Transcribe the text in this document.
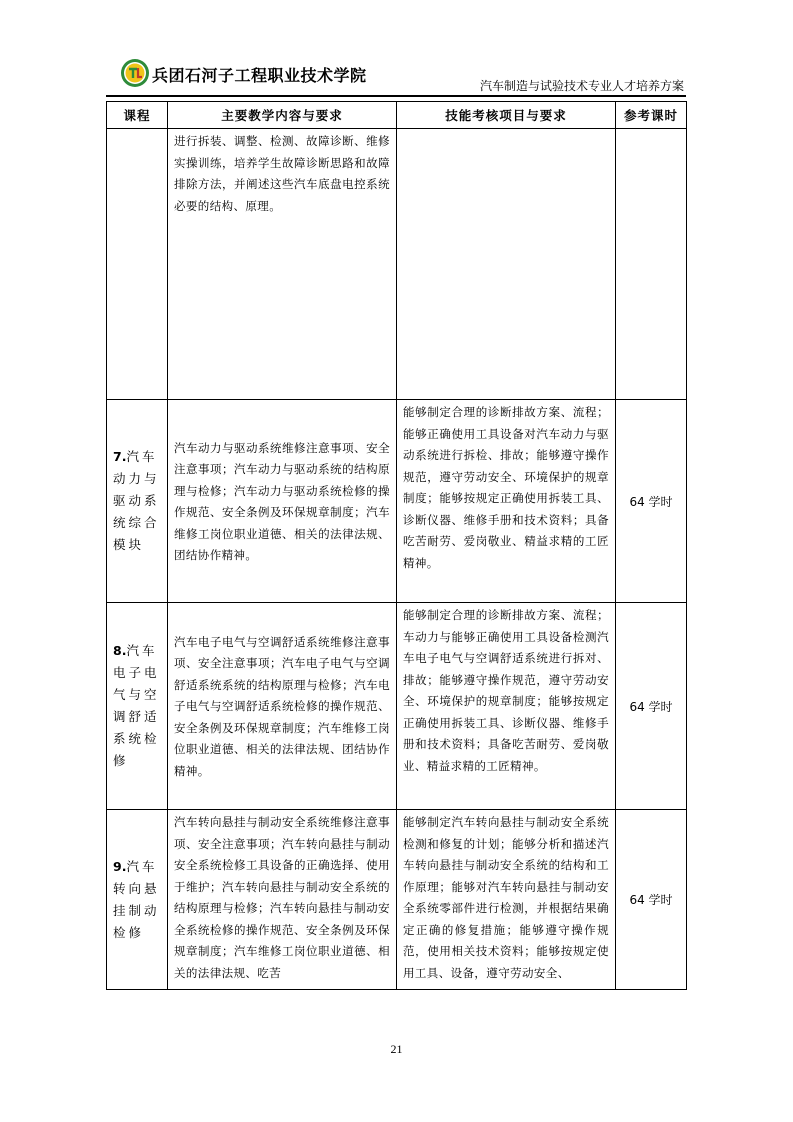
兵团石河子工程职业技术学院
汽车制造与试验技术专业人才培养方案
课程	主要教学内容与要求	技能考核项目与要求	参考课时
	进行拆装、调整、检测、故障诊断、维修实操训练，培养学生故障诊断思路和故障排除方法，并阐述这些汽车底盘电控系统必要的结构、原理。		
7.汽车动力与驱动系统综合模块	汽车动力与驱动系统维修注意事项、安全注意事项；汽车动力与驱动系统的结构原理与检修；汽车动力与驱动系统检修的操作规范、安全条例及环保规章制度；汽车维修工岗位职业道德、相关的法律法规、团结协作精神。	能够制定合理的诊断排故方案、流程；能够正确使用工具设备对汽车动力与驱动系统进行拆检、排故；能够遵守操作规范，遵守劳动安全、环境保护的规章制度；能够按规定正确使用拆装工具、诊断仪器、维修手册和技术资料；具备吃苦耐劳、爱岗敬业、精益求精的工匠精神。	64 学时
8.汽车电子电气与空调舒适系统检修	汽车电子电气与空调舒适系统维修注意事项、安全注意事项；汽车电子电气与空调舒适系统系统的结构原理与检修；汽车电子电气与空调舒适系统检修的操作规范、安全条例及环保规章制度；汽车维修工岗位职业道德、相关的法律法规、团结协作精神。	能够制定合理的诊断排故方案、流程；车动力与能够正确使用工具设备检测汽车电子电气与空调舒适系统进行拆对、排故；能够遵守操作规范，遵守劳动安全、环境保护的规章制度；能够按规定正确使用拆装工具、诊断仪器、维修手册和技术资料；具备吃苦耐劳、爱岗敬业、精益求精的工匠精神。	64 学时
9.汽车转向悬挂制动检修	汽车转向悬挂与制动安全系统维修注意事项、安全注意事项；汽车转向悬挂与制动安全系统检修工具设备的正确选择、使用于维护；汽车转向悬挂与制动安全系统的结构原理与检修；汽车转向悬挂与制动安全系统检修的操作规范、安全条例及环保规章制度；汽车维修工岗位职业道德、相关的法律法规、吃苦	能够制定汽车转向悬挂与制动安全系统检测和修复的计划；能够分析和描述汽车转向悬挂与制动安全系统的结构和工作原理；能够对汽车转向悬挂与制动安全系统零部件进行检测，并根据结果确定正确的修复措施；能够遵守操作规范，使用相关技术资料；能够按规定使用工具、设备，遵守劳动安全、	64 学时
21
